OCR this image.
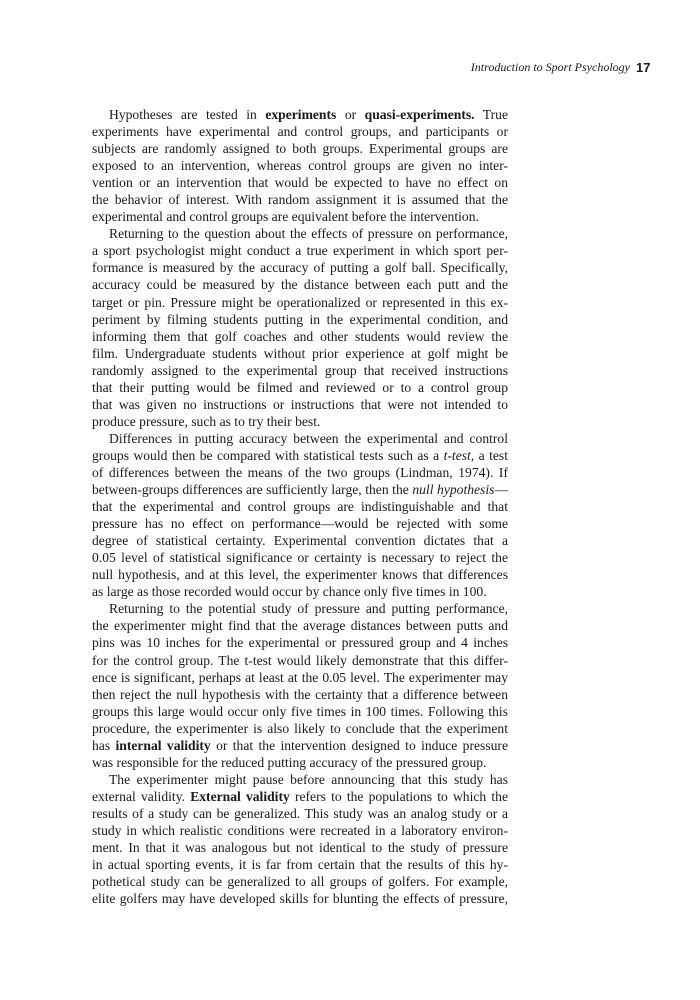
Introduction to Sport Psychology 17
Hypotheses are tested in experiments or quasi-experiments. True
experiments have experimental and control groups, and participants or
subjects are randomly assigned to both groups. Experimental groups are
exposed to an intervention, whereas control groups are given no inter-
vention or an intervention that would be expected to have no effect on
the behavior of interest. With random assignment it is assumed that the
experimental and control groups are equivalent before the intervention.
Returning to the question about the effects of pressure on performance,
a sport psychologist might conduct a true experiment in which sport per-
formance is measured by the accuracy of putting a golf ball. Specifically,
accuracy could be measured by the distance between each putt and the
target or pin. Pressure might be operationalized or represented in this ex-
periment by filming students putting in the experimental condition, and
informing them that golf coaches and other students would review the
film. Undergraduate students without prior experience at golf might be
randomly assigned to the experimental group that received instructions
that their putting would be filmed and reviewed or to a control group
that was given no instructions or instructions that were not intended to
produce pressure, such as to try their best.
Differences in putting accuracy between the experimental and control
groups would then be compared with statistical tests such as a t-test, a test
of differences between the means of the two groups (Lindman, 1974). If
between-groups differences are sufficiently large, then the null hypothesis—
that the experimental and control groups are indistinguishable and that
pressure has no effect on performance—would be rejected with some
degree of statistical certainty. Experimental convention dictates that a
0.05 level of statistical significance or certainty is necessary to reject the
null hypothesis, and at this level, the experimenter knows that differences
as large as those recorded would occur by chance only five times in 100.
Returning to the potential study of pressure and putting performance,
the experimenter might find that the average distances between putts and
pins was 10 inches for the experimental or pressured group and 4 inches
for the control group. The t-test would likely demonstrate that this differ-
ence is significant, perhaps at least at the 0.05 level. The experimenter may
then reject the null hypothesis with the certainty that a difference between
groups this large would occur only five times in 100 times. Following this
procedure, the experimenter is also likely to conclude that the experiment
has internal validity or that the intervention designed to induce pressure
was responsible for the reduced putting accuracy of the pressured group.
The experimenter might pause before announcing that this study has
external validity. External validity refers to the populations to which the
results of a study can be generalized. This study was an analog study or a
study in which realistic conditions were recreated in a laboratory environ-
ment. In that it was analogous but not identical to the study of pressure
in actual sporting events, it is far from certain that the results of this hy-
pothetical study can be generalized to all groups of golfers. For example,
elite golfers may have developed skills for blunting the effects of pressure,
